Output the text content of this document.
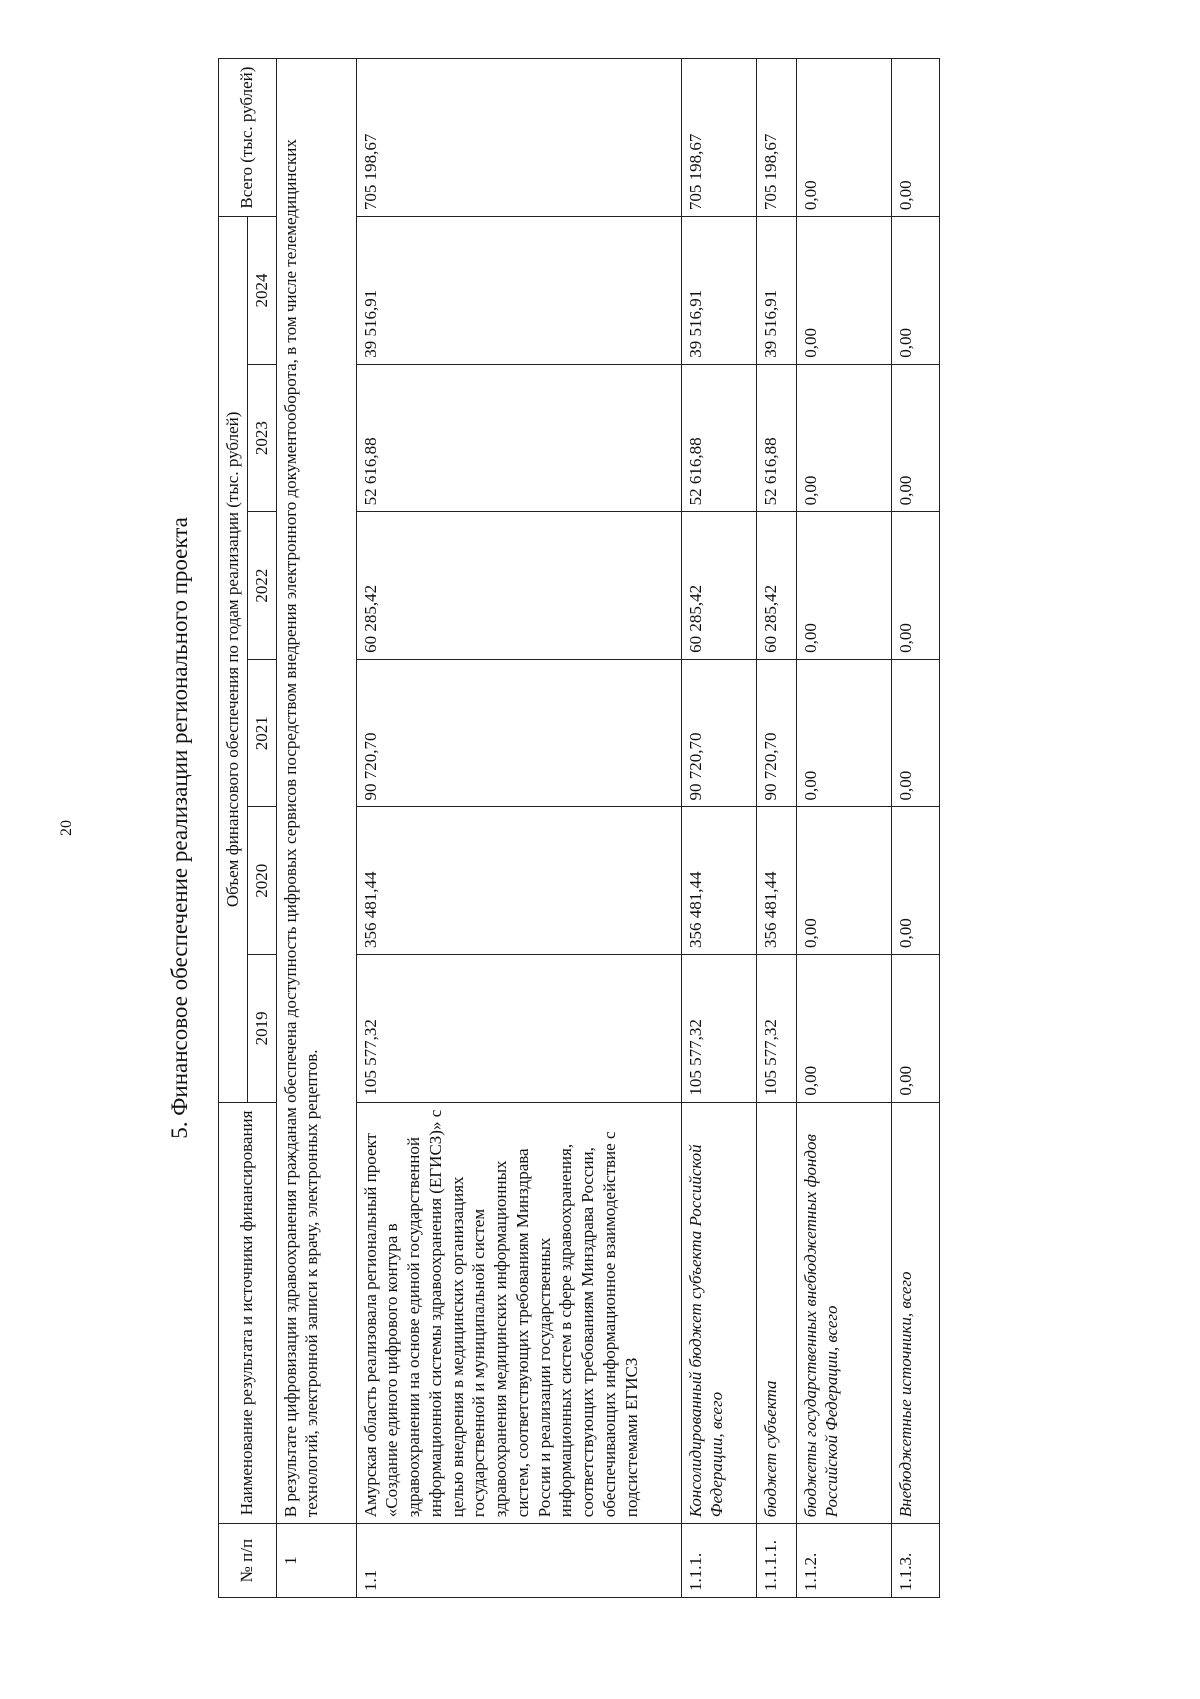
20	5. Финансовое обеспечение реализации регионального проекта
№ п/п	Наименование результата и источники финансирования	Объем финансового обеспечения по годам реализации (тыс. рублей)						Всего (тыс. рублей)
		2019	2020	2021	2022	2023	2024	
1	В результате цифровизации здравоохранения гражданам обеспечена доступность цифровых сервисов посредством внедрения электронного документооборота, в том числе телемедицинских технологий, электронной записи к врачу, электронных рецептов.							
1.1	Амурская область реализовала региональный проект «Создание единого цифрового контура в здравоохранении на основе единой государственной информационной системы здравоохранения (ЕГИСЗ)» с целью внедрения в медицинских организациях государственной и муниципальной систем здравоохранения медицинских информационных систем, соответствующих требованиям Минздрава России и реализации государственных информационных систем в сфере здравоохранения, соответствующих требованиям Минздрава России, обеспечивающих информационное взаимодействие с подсистемами ЕГИСЗ	105 577,32	356 481,44	90 720,70	60 285,42	52 616,88	39 516,91	705 198,67
1.1.1.	Консолидированный бюджет субъекта Российской Федерации, всего	105 577,32	356 481,44	90 720,70	60 285,42	52 616,88	39 516,91	705 198,67
1.1.1.1.	бюджет субъекта	105 577,32	356 481,44	90 720,70	60 285,42	52 616,88	39 516,91	705 198,67
1.1.2.	бюджеты государственных внебюджетных фондов Российской Федерации, всего	0,00	0,00	0,00	0,00	0,00	0,00	0,00
1.1.3.	Внебюджетные источники, всего	0,00	0,00	0,00	0,00	0,00	0,00	0,00
